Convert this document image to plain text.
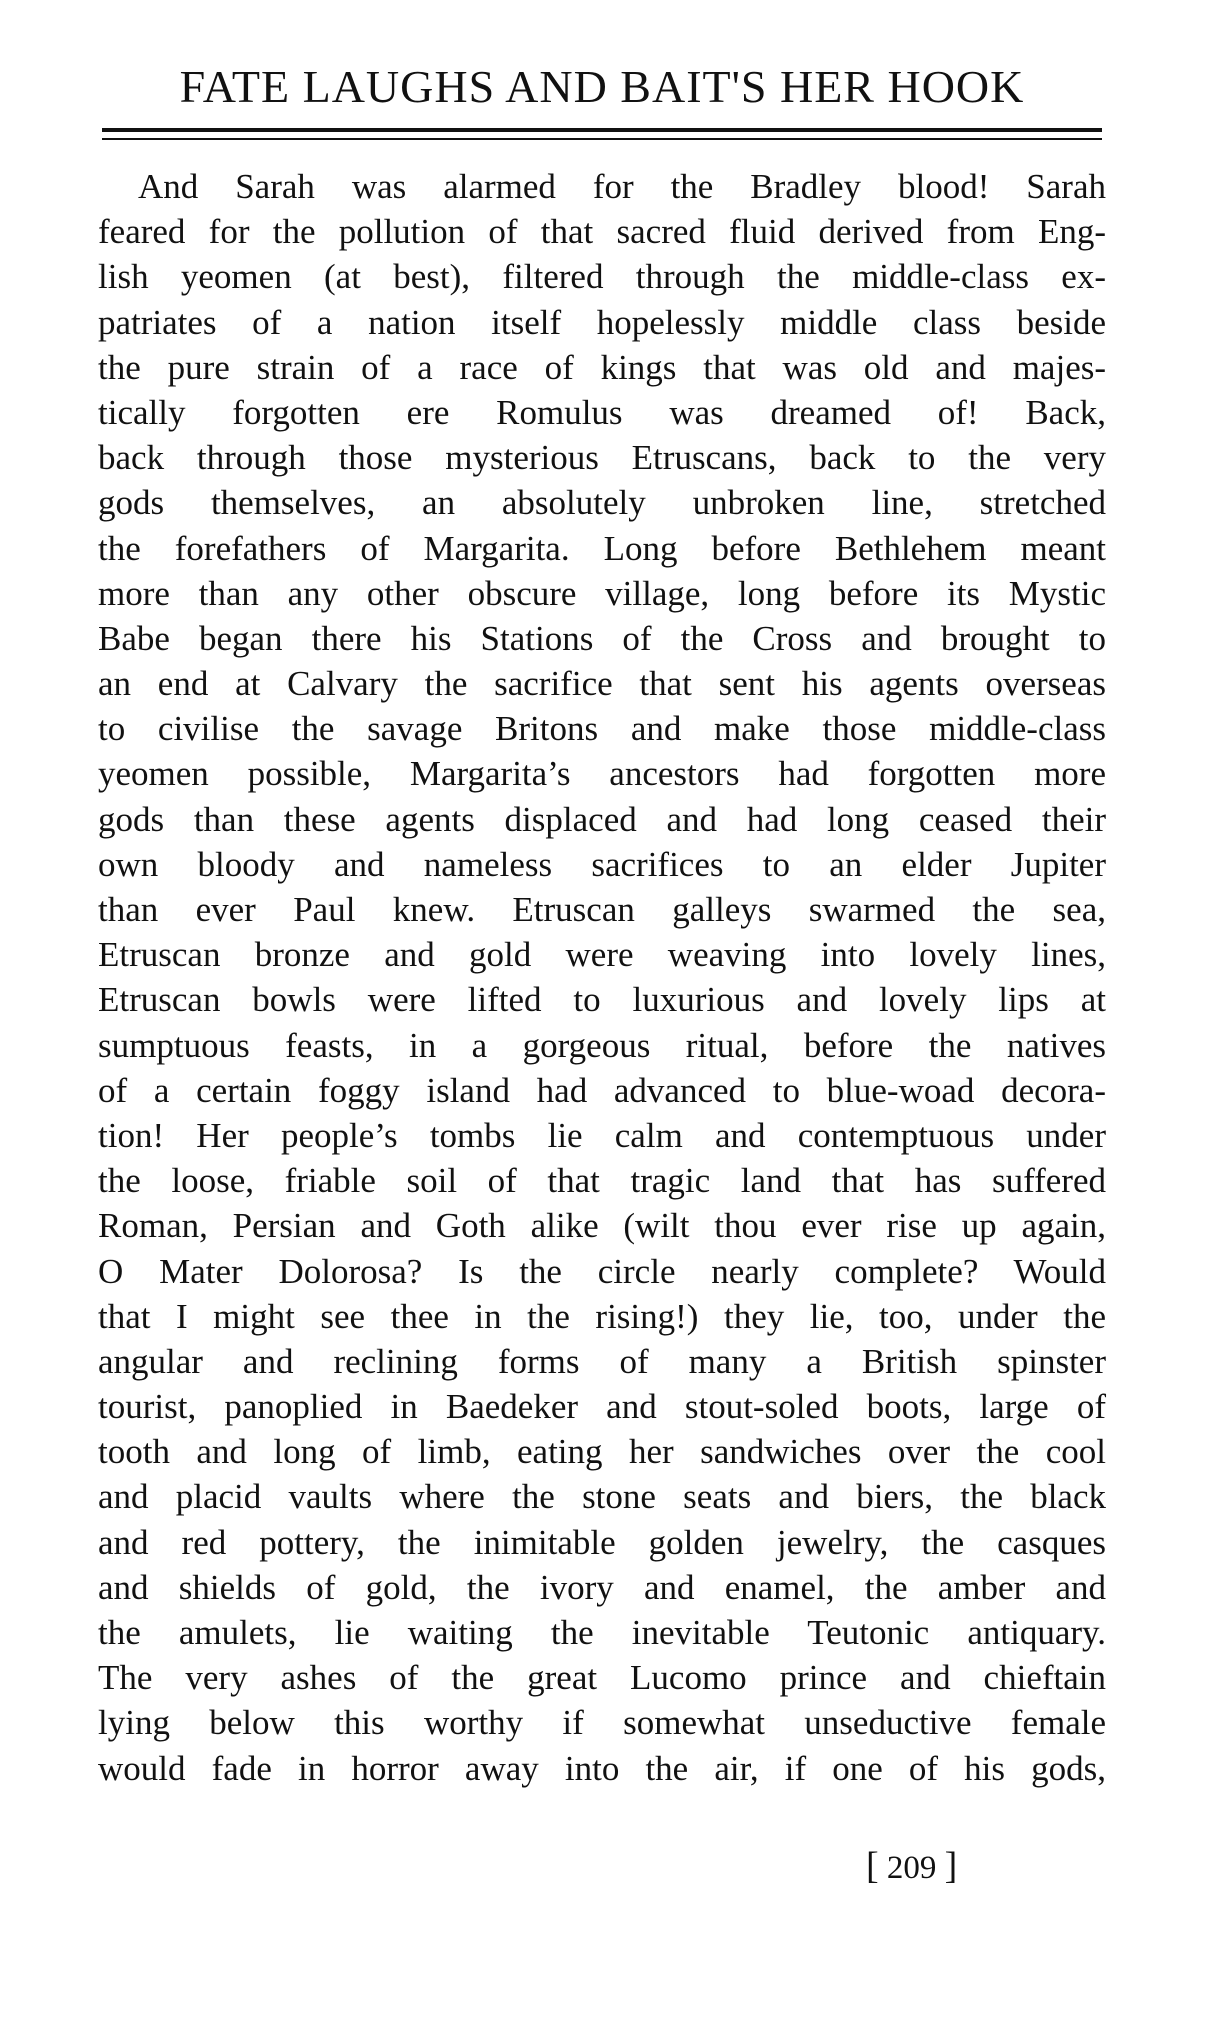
FATE LAUGHS AND BAIT'S HER HOOK
And Sarah was alarmed for the Bradley blood! Sarah
feared for the pollution of that sacred fluid derived from Eng-
lish yeomen (at best), filtered through the middle-class ex-
patriates of a nation itself hopelessly middle class beside
the pure strain of a race of kings that was old and majes-
tically forgotten ere Romulus was dreamed of! Back,
back through those mysterious Etruscans, back to the very
gods themselves, an absolutely unbroken line, stretched
the forefathers of Margarita. Long before Bethlehem meant
more than any other obscure village, long before its Mystic
Babe began there his Stations of the Cross and brought to
an end at Calvary the sacrifice that sent his agents overseas
to civilise the savage Britons and make those middle-class
yeomen possible, Margarita’s ancestors had forgotten more
gods than these agents displaced and had long ceased their
own bloody and nameless sacrifices to an elder Jupiter
than ever Paul knew. Etruscan galleys swarmed the sea,
Etruscan bronze and gold were weaving into lovely lines,
Etruscan bowls were lifted to luxurious and lovely lips at
sumptuous feasts, in a gorgeous ritual, before the natives
of a certain foggy island had advanced to blue-woad decora-
tion! Her people’s tombs lie calm and contemptuous under
the loose, friable soil of that tragic land that has suffered
Roman, Persian and Goth alike (wilt thou ever rise up again,
O Mater Dolorosa? Is the circle nearly complete? Would
that I might see thee in the rising!) they lie, too, under the
angular and reclining forms of many a British spinster
tourist, panoplied in Baedeker and stout-soled boots, large of
tooth and long of limb, eating her sandwiches over the cool
and placid vaults where the stone seats and biers, the black
and red pottery, the inimitable golden jewelry, the casques
and shields of gold, the ivory and enamel, the amber and
the amulets, lie waiting the inevitable Teutonic antiquary.
The very ashes of the great Lucomo prince and chieftain
lying below this worthy if somewhat unseductive female
would fade in horror away into the air, if one of his gods,
[ 209 ]
